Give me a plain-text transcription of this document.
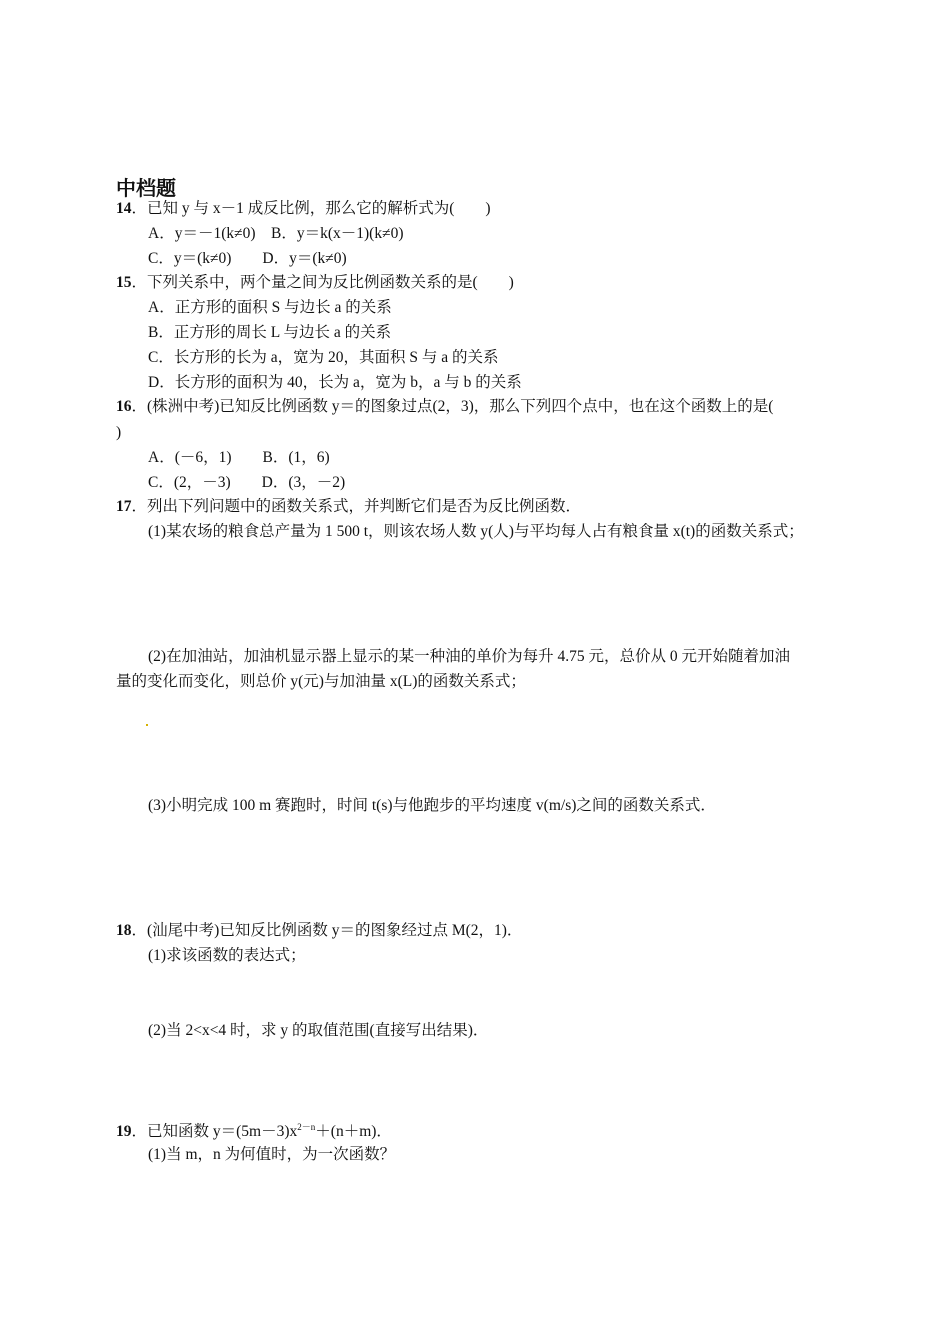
中档题
14．已知 y 与 x－1 成反比例，那么它的解析式为(　　)
A．y＝－1(k≠0)　B．y＝k(x－1)(k≠0)
C．y＝(k≠0)　　D．y＝(k≠0)
15．下列关系中，两个量之间为反比例函数关系的是(　　)
A．正方形的面积 S 与边长 a 的关系
B．正方形的周长 L 与边长 a 的关系
C．长方形的长为 a，宽为 20，其面积 S 与 a 的关系
D．长方形的面积为 40，长为 a，宽为 b，a 与 b 的关系
16．(株洲中考)已知反比例函数 y＝的图象过点(2，3)，那么下列四个点中，也在这个函数上的是(
)
A．(－6，1)　　B．(1，6)
C．(2，－3)　　D．(3，－2)
17．列出下列问题中的函数关系式，并判断它们是否为反比例函数．
(1)某农场的粮食总产量为 1 500 t，则该农场人数 y(人)与平均每人占有粮食量 x(t)的函数关系式；
(2)在加油站，加油机显示器上显示的某一种油的单价为每升 4.75 元，总价从 0 元开始随着加油
量的变化而变化，则总价 y(元)与加油量 x(L)的函数关系式；
(3)小明完成 100 m 赛跑时，时间 t(s)与他跑步的平均速度 v(m/s)之间的函数关系式．
18．(汕尾中考)已知反比例函数 y＝的图象经过点 M(2，1)．
(1)求该函数的表达式；
(2)当 2<x<4 时，求 y 的取值范围(直接写出结果)．
19．已知函数 $y=(5m-3)x^{2-n}+(n+m)$．
(1)当 m，n 为何值时，为一次函数？
